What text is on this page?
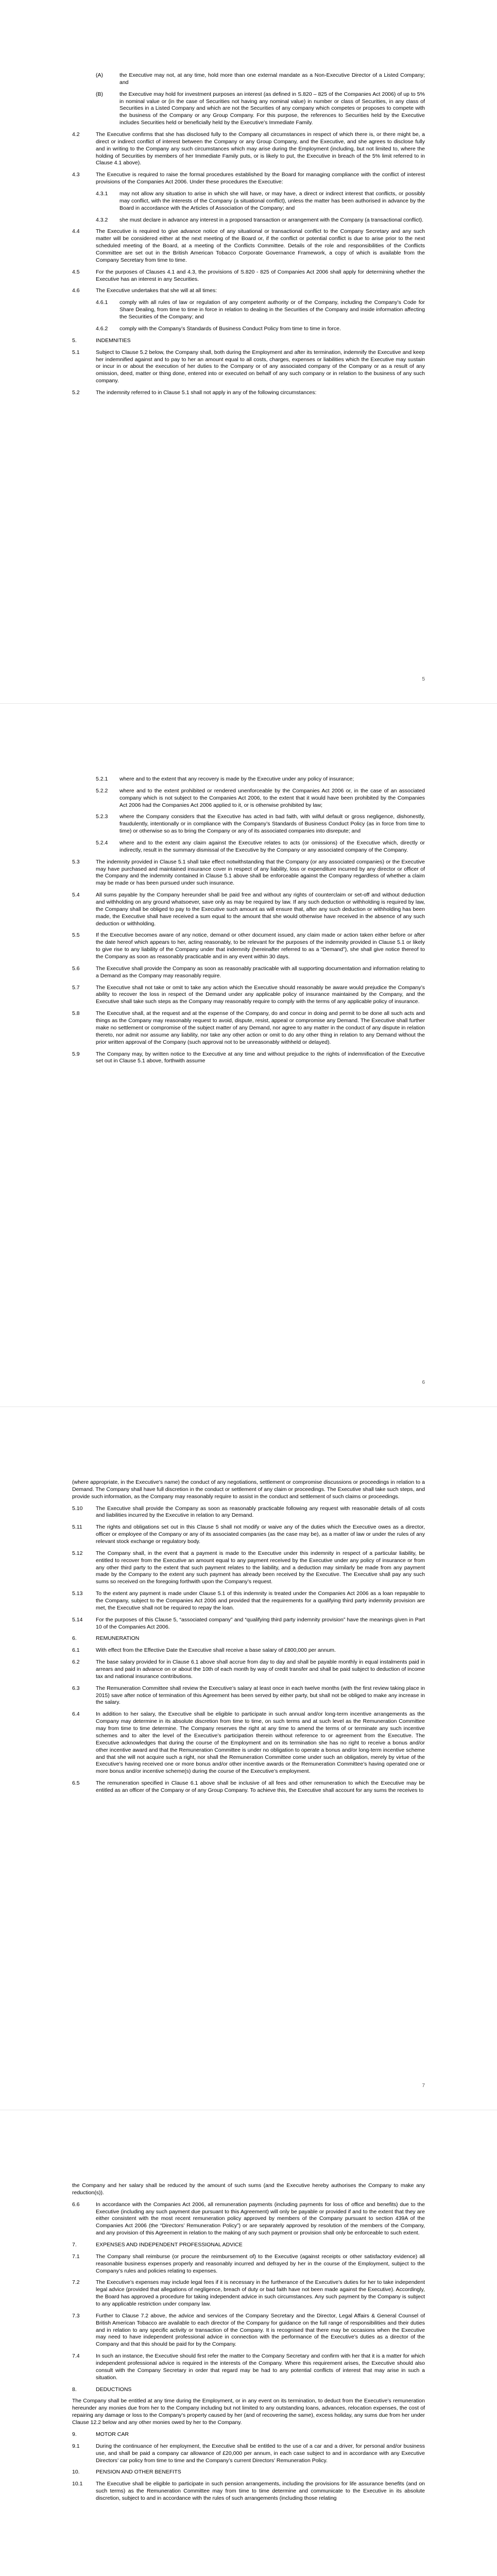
(A)	the Executive may not, at any time, hold more than one external mandate as a Non-Executive Director of a Listed Company; and
(B)	the Executive may hold for investment purposes an interest (as defined in S.820 – 825 of the Companies Act 2006) of up to 5% in nominal value or (in the case of Securities not having any nominal value) in number or class of Securities, in any class of Securities in a Listed Company and which are not the Securities of any company which competes or proposes to compete with the business of the Company or any Group Company. For this purpose, the references to Securities held by the Executive includes Securities held or beneficially held by the Executive’s Immediate Family.
4.2	The Executive confirms that she has disclosed fully to the Company all circumstances in respect of which there is, or there might be, a direct or indirect conflict of interest between the Company or any Group Company, and the Executive, and she agrees to disclose fully and in writing to the Company any such circumstances which may arise during the Employment (including, but not limited to, where the holding of Securities by members of her Immediate Family puts, or is likely to put, the Executive in breach of the 5% limit referred to in Clause 4.1 above).
4.3	The Executive is required to raise the formal procedures established by the Board for managing compliance with the conflict of interest provisions of the Companies Act 2006. Under these procedures the Executive:
4.3.1	may not allow any situation to arise in which she will have, or may have, a direct or indirect interest that conflicts, or possibly may conflict, with the interests of the Company (a situational conflict), unless the matter has been authorised in advance by the Board in accordance with the Articles of Association of the Company; and
4.3.2	she must declare in advance any interest in a proposed transaction or arrangement with the Company (a transactional conflict).
4.4	The Executive is required to give advance notice of any situational or transactional conflict to the Company Secretary and any such matter will be considered either at the next meeting of the Board or, if the conflict or potential conflict is due to arise prior to the next scheduled meeting of the Board, at a meeting of the Conflicts Committee. Details of the role and responsibilities of the Conflicts Committee are set out in the British American Tobacco Corporate Governance Framework, a copy of which is available from the Company Secretary from time to time.
4.5	For the purposes of Clauses 4.1 and 4.3, the provisions of S.820 - 825 of Companies Act 2006 shall apply for determining whether the Executive has an interest in any Securities.
4.6	The Executive undertakes that she will at all times:
4.6.1	comply with all rules of law or regulation of any competent authority or of the Company, including the Company’s Code for Share Dealing, from time to time in force in relation to dealing in the Securities of the Company and inside information affecting the Securities of the Company; and
4.6.2	comply with the Company’s Standards of Business Conduct Policy from time to time in force.
5.	INDEMNITIES
5.1	Subject to Clause 5.2 below, the Company shall, both during the Employment and after its termination, indemnify the Executive and keep her indemnified against and to pay to her an amount equal to all costs, charges, expenses or liabilities which the Executive may sustain or incur in or about the execution of her duties to the Company or of any associated company of the Company or as a result of any omission, deed, matter or thing done, entered into or executed on behalf of any such company or in relation to the business of any such company.
5.2	The indemnity referred to in Clause 5.1 shall not apply in any of the following circumstances:
5
5.2.1	where and to the extent that any recovery is made by the Executive under any policy of insurance;
5.2.2	where and to the extent prohibited or rendered unenforceable by the Companies Act 2006 or, in the case of an associated company which is not subject to the Companies Act 2006, to the extent that it would have been prohibited by the Companies Act 2006 had the Companies Act 2006 applied to it, or is otherwise prohibited by law;
5.2.3	where the Company considers that the Executive has acted in bad faith, with wilful default or gross negligence, dishonestly, fraudulently, intentionally or in compliance with the Company’s Standards of Business Conduct Policy (as in force from time to time) or otherwise so as to bring the Company or any of its associated companies into disrepute; and
5.2.4	where and to the extent any claim against the Executive relates to acts (or omissions) of the Executive which, directly or indirectly, result in the summary dismissal of the Executive by the Company or any associated company of the Company.
5.3	The indemnity provided in Clause 5.1 shall take effect notwithstanding that the Company (or any associated companies) or the Executive may have purchased and maintained insurance cover in respect of any liability, loss or expenditure incurred by any director or officer of the Company and the indemnity contained in Clause 5.1 above shall be enforceable against the Company regardless of whether a claim may be made or has been pursued under such insurance.
5.4	All sums payable by the Company hereunder shall be paid free and without any rights of counterclaim or set-off and without deduction and withholding on any ground whatsoever, save only as may be required by law. If any such deduction or withholding is required by law, the Company shall be obliged to pay to the Executive such amount as will ensure that, after any such deduction or withholding has been made, the Executive shall have received a sum equal to the amount that she would otherwise have received in the absence of any such deduction or withholding.
5.5	If the Executive becomes aware of any notice, demand or other document issued, any claim made or action taken either before or after the date hereof which appears to her, acting reasonably, to be relevant for the purposes of the indemnity provided in Clause 5.1 or likely to give rise to any liability of the Company under that indemnity (hereinafter referred to as a “Demand”), she shall give notice thereof to the Company as soon as reasonably practicable and in any event within 30 days.
5.6	The Executive shall provide the Company as soon as reasonably practicable with all supporting documentation and information relating to a Demand as the Company may reasonably require.
5.7	The Executive shall not take or omit to take any action which the Executive should reasonably be aware would prejudice the Company’s ability to recover the loss in respect of the Demand under any applicable policy of insurance maintained by the Company, and the Executive shall take such steps as the Company may reasonably require to comply with the terms of any applicable policy of insurance.
5.8	The Executive shall, at the request and at the expense of the Company, do and concur in doing and permit to be done all such acts and things as the Company may reasonably request to avoid, dispute, resist, appeal or compromise any Demand. The Executive shall further make no settlement or compromise of the subject matter of any Demand, nor agree to any matter in the conduct of any dispute in relation thereto, nor admit nor assume any liability, nor take any other action or omit to do any other thing in relation to any Demand without the prior written approval of the Company (such approval not to be unreasonably withheld or delayed).
5.9	The Company may, by written notice to the Executive at any time and without prejudice to the rights of indemnification of the Executive set out in Clause 5.1 above, forthwith assume
6
(where appropriate, in the Executive’s name) the conduct of any negotiations, settlement or compromise discussions or proceedings in relation to a Demand. The Company shall have full discretion in the conduct or settlement of any claim or proceedings. The Executive shall take such steps, and provide such information, as the Company may reasonably require to assist in the conduct and settlement of such claims or proceedings.
5.10	The Executive shall provide the Company as soon as reasonably practicable following any request with reasonable details of all costs and liabilities incurred by the Executive in relation to any Demand.
5.11	The rights and obligations set out in this Clause 5 shall not modify or waive any of the duties which the Executive owes as a director, officer or employee of the Company or any of its associated companies (as the case may be), as a matter of law or under the rules of any relevant stock exchange or regulatory body.
5.12	The Company shall, in the event that a payment is made to the Executive under this indemnity in respect of a particular liability, be entitled to recover from the Executive an amount equal to any payment received by the Executive under any policy of insurance or from any other third party to the extent that such payment relates to the liability, and a deduction may similarly be made from any payment made by the Company to the extent any such payment has already been received by the Executive. The Executive shall pay any such sums so received on the foregoing forthwith upon the Company’s request.
5.13	To the extent any payment is made under Clause 5.1 of this indemnity is treated under the Companies Act 2006 as a loan repayable to the Company, subject to the Companies Act 2006 and provided that the requirements for a qualifying third party indemnity provision are met, the Executive shall not be required to repay the loan.
5.14	For the purposes of this Clause 5, “associated company” and “qualifying third party indemnity provision” have the meanings given in Part 10 of the Companies Act 2006.
6.	REMUNERATION
6.1	With effect from the Effective Date the Executive shall receive a base salary of £800,000 per annum.
6.2	The base salary provided for in Clause 6.1 above shall accrue from day to day and shall be payable monthly in equal instalments paid in arrears and paid in advance on or about the 10th of each month by way of credit transfer and shall be paid subject to deduction of income tax and national insurance contributions.
6.3	The Remuneration Committee shall review the Executive’s salary at least once in each twelve months (with the first review taking place in 2015) save after notice of termination of this Agreement has been served by either party, but shall not be obliged to make any increase in the salary.
6.4	In addition to her salary, the Executive shall be eligible to participate in such annual and/or long-term incentive arrangements as the Company may determine in its absolute discretion from time to time, on such terms and at such level as the Remuneration Committee may from time to time determine. The Company reserves the right at any time to amend the terms of or terminate any such incentive schemes and to alter the level of the Executive’s participation therein without reference to or agreement from the Executive. The Executive acknowledges that during the course of the Employment and on its termination she has no right to receive a bonus and/or other incentive award and that the Remuneration Committee is under no obligation to operate a bonus and/or long-term incentive scheme and that she will not acquire such a right, nor shall the Remuneration Committee come under such an obligation, merely by virtue of the Executive’s having received one or more bonus and/or other incentive awards or the Remuneration Committee’s having operated one or more bonus and/or incentive scheme(s) during the course of the Executive’s employment.
6.5	The remuneration specified in Clause 6.1 above shall be inclusive of all fees and other remuneration to which the Executive may be entitled as an officer of the Company or of any Group Company. To achieve this, the Executive shall account for any sums the receives to
7
the Company and her salary shall be reduced by the amount of such sums (and the Executive hereby authorises the Company to make any reduction(s)).
6.6	In accordance with the Companies Act 2006, all remuneration payments (including payments for loss of office and benefits) due to the Executive (including any such payment due pursuant to this Agreement) will only be payable or provided if and to the extent that they are either consistent with the most recent remuneration policy approved by members of the Company pursuant to section 439A of the Companies Act 2006 (the “Directors’ Remuneration Policy”) or are separately approved by resolution of the members of the Company, and any provision of this Agreement in relation to the making of any such payment or provision shall only be enforceable to such extent.
7.	EXPENSES AND INDEPENDENT PROFESSIONAL ADVICE
7.1	The Company shall reimburse (or procure the reimbursement of) to the Executive (against receipts or other satisfactory evidence) all reasonable business expenses properly and reasonably incurred and defrayed by her in the course of the Employment, subject to the Company’s rules and policies relating to expenses.
7.2	The Executive’s expenses may include legal fees if it is necessary in the furtherance of the Executive’s duties for her to take independent legal advice (provided that allegations of negligence, breach of duty or bad faith have not been made against the Executive). Accordingly, the Board has approved a procedure for taking independent advice in such circumstances. Any such payment by the Company is subject to any applicable restriction under company law.
7.3	Further to Clause 7.2 above, the advice and services of the Company Secretary and the Director, Legal Affairs & General Counsel of British American Tobacco are available to each director of the Company for guidance on the full range of responsibilities and their duties and in relation to any specific activity or transaction of the Company. It is recognised that there may be occasions when the Executive may need to have independent professional advice in connection with the performance of the Executive’s duties as a director of the Company and that this should be paid for by the Company.
7.4	In such an instance, the Executive should first refer the matter to the Company Secretary and confirm with her that it is a matter for which independent professional advice is required in the interests of the Company. Where this requirement arises, the Executive should also consult with the Company Secretary in order that regard may be had to any potential conflicts of interest that may arise in such a situation.
8.	DEDUCTIONS
The Company shall be entitled at any time during the Employment, or in any event on its termination, to deduct from the Executive’s remuneration hereunder any monies due from her to the Company including but not limited to any outstanding loans, advances, relocation expenses, the cost of repairing any damage or loss to the Company’s property caused by her (and of recovering the same), excess holiday, any sums due from her under Clause 12.2 below and any other monies owed by her to the Company.
9.	MOTOR CAR
9.1	During the continuance of her employment, the Executive shall be entitled to the use of a car and a driver, for personal and/or business use, and shall be paid a company car allowance of £20,000 per annum, in each case subject to and in accordance with any Executive Directors’ car policy from time to time and the Company’s current Directors’ Remuneration Policy.
10.	PENSION AND OTHER BENEFITS
10.1	The Executive shall be eligible to participate in such pension arrangements, including the provisions for life assurance benefits (and on such terms) as the Remuneration Committee may from time to time determine and communicate to the Executive in its absolute discretion, subject to and in accordance with the rules of such arrangements (including those relating
